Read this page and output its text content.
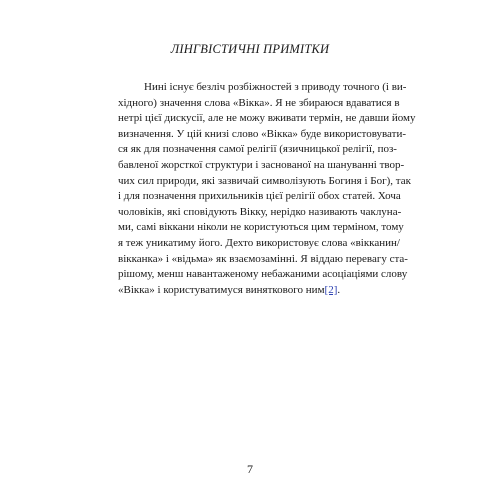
ЛІНГВІСТИЧНІ ПРИМІТКИ
Нині існує безліч розбіжностей з приводу точного (і ви-
хідного) значення слова «Вікка». Я не збираюся вдаватися в
нетрі цієї дискусії, але не можу вживати термін, не давши йому
визначення. У цій книзі слово «Вікка» буде використовувати-
ся як для позначення самої релігії (язичницької релігії, поз-
бавленої жорсткої структури і заснованої на шануванні твор-
чих сил природи, які зазвичай символізують Богиня і Бог), так
і для позначення прихильників цієї релігії обох статей. Хоча
чоловіків, які сповідують Вікку, нерідко називають чаклуна-
ми, самі віккани ніколи не користуються цим терміном, тому
я теж уникатиму його. Дехто використовує слова «вікканин/
вікканка» і «відьма» як взаємозамінні. Я віддаю перевагу ста-
рішому, менш навантаженому небажаними асоціаціями слову
«Вікка» і користуватимуся виняткового ним[2].
7
